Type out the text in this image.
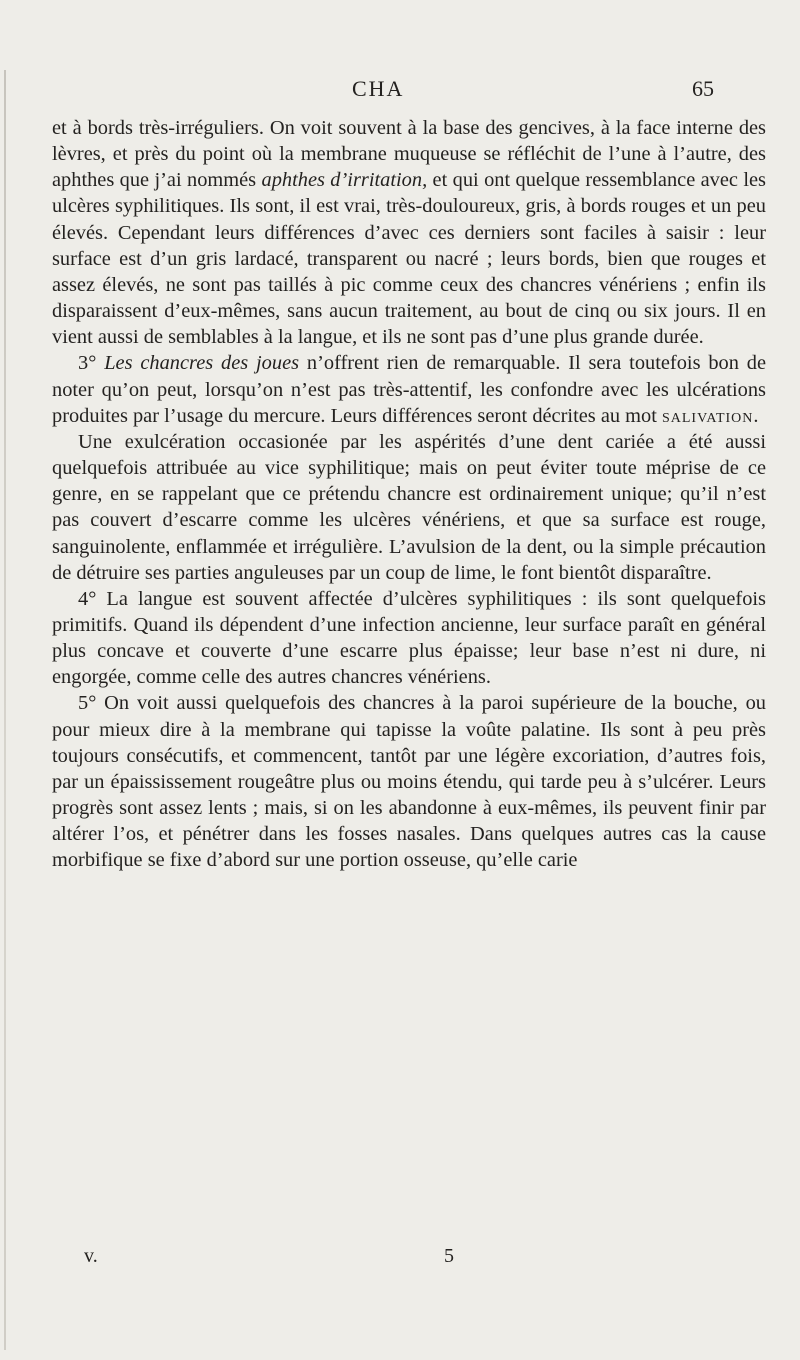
CHA	65

et à bords très-irréguliers. On voit souvent à la base des gencives, à la face interne des lèvres, et près du point où la membrane muqueuse se réfléchit de l’une à l’autre, des aphthes que j’ai nommés aphthes d’irritation, et qui ont quelque ressemblance avec les ulcères syphilitiques. Ils sont, il est vrai, très-douloureux, gris, à bords rouges et un peu élevés. Cependant leurs différences d’avec ces derniers sont faciles à saisir : leur surface est d’un gris lardacé, transparent ou nacré ; leurs bords, bien que rouges et assez élevés, ne sont pas taillés à pic comme ceux des chancres vénériens ; enfin ils disparaissent d’eux-mêmes, sans aucun traitement, au bout de cinq ou six jours. Il en vient aussi de semblables à la langue, et ils ne sont pas d’une plus grande durée.

3° Les chancres des joues n’offrent rien de remarquable. Il sera toutefois bon de noter qu’on peut, lorsqu’on n’est pas très-attentif, les confondre avec les ulcérations produites par l’usage du mercure. Leurs différences seront décrites au mot salivation.

Une exulcération occasionée par les aspérités d’une dent cariée a été aussi quelquefois attribuée au vice syphilitique; mais on peut éviter toute méprise de ce genre, en se rappelant que ce prétendu chancre est ordinairement unique; qu’il n’est pas couvert d’escarre comme les ulcères vénériens, et que sa surface est rouge, sanguinolente, enflammée et irrégulière. L’avulsion de la dent, ou la simple précaution de détruire ses parties anguleuses par un coup de lime, le font bientôt disparaître.

4° La langue est souvent affectée d’ulcères syphilitiques : ils sont quelquefois primitifs. Quand ils dépendent d’une infection ancienne, leur surface paraît en général plus concave et couverte d’une escarre plus épaisse; leur base n’est ni dure, ni engorgée, comme celle des autres chancres vénériens.

5° On voit aussi quelquefois des chancres à la paroi supérieure de la bouche, ou pour mieux dire à la membrane qui tapisse la voûte palatine. Ils sont à peu près toujours consécutifs, et commencent, tantôt par une légère excoriation, d’autres fois, par un épaississement rougeâtre plus ou moins étendu, qui tarde peu à s’ulcérer. Leurs progrès sont assez lents ; mais, si on les abandonne à eux-mêmes, ils peuvent finir par altérer l’os, et pénétrer dans les fosses nasales. Dans quelques autres cas la cause morbifique se fixe d’abord sur une portion osseuse, qu’elle carie

v.	5
